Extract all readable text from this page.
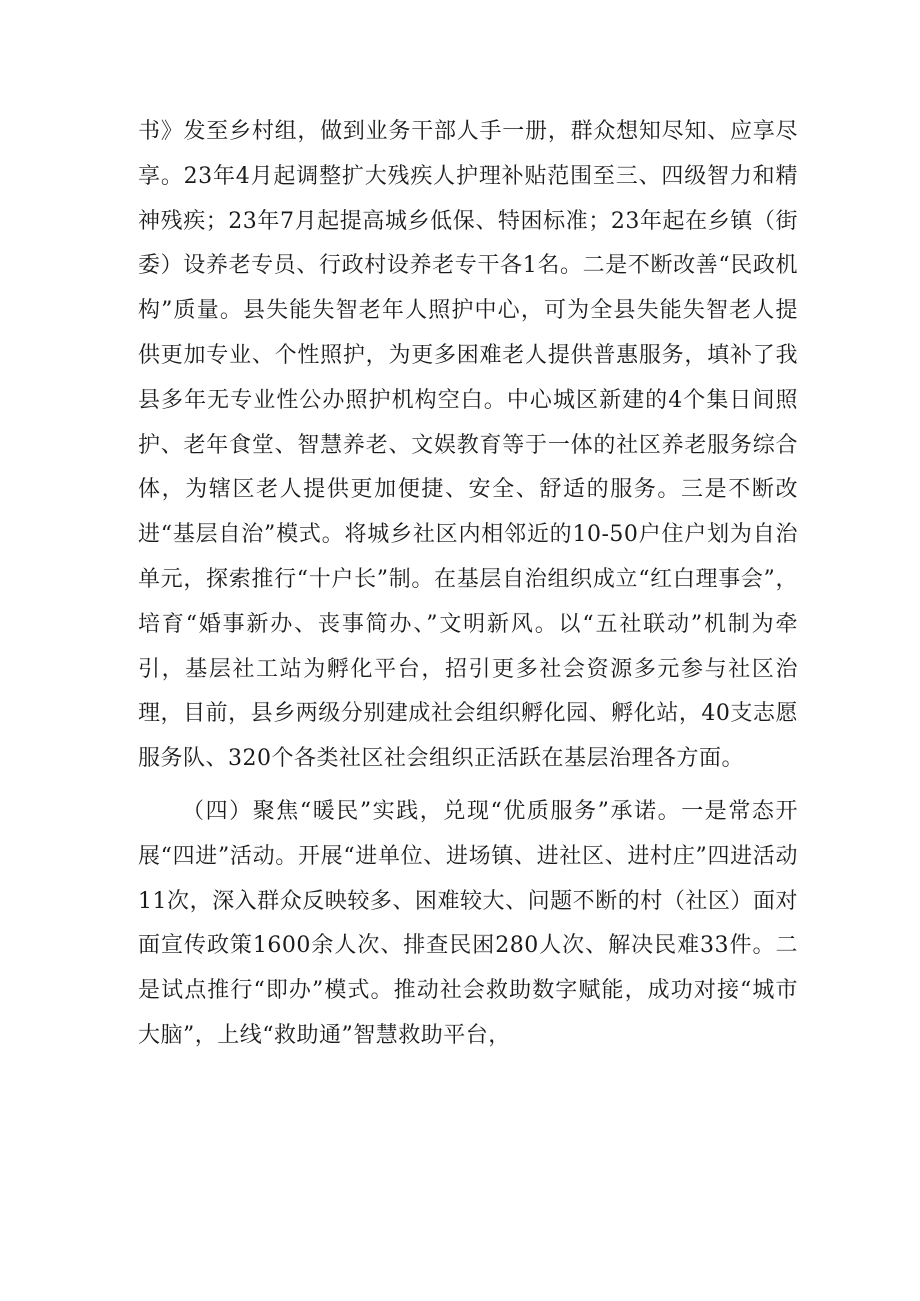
书》发至乡村组，做到业务干部人手一册，群众想知尽知、应享尽享。23年4月起调整扩大残疾人护理补贴范围至三、四级智力和精神残疾；23年7月起提高城乡低保、特困标准；23年起在乡镇（街委）设养老专员、行政村设养老专干各1名。二是不断改善“民政机构”质量。县失能失智老年人照护中心，可为全县失能失智老人提供更加专业、个性照护，为更多困难老人提供普惠服务，填补了我县多年无专业性公办照护机构空白。中心城区新建的4个集日间照护、老年食堂、智慧养老、文娱教育等于一体的社区养老服务综合体，为辖区老人提供更加便捷、安全、舒适的服务。三是不断改进“基层自治”模式。将城乡社区内相邻近的10-50户住户划为自治单元，探索推行“十户长”制。在基层自治组织成立“红白理事会”，培育“婚事新办、丧事简办、”文明新风。以“五社联动”机制为牵引，基层社工站为孵化平台，招引更多社会资源多元参与社区治理，目前，县乡两级分别建成社会组织孵化园、孵化站，40支志愿服务队、320个各类社区社会组织正活跃在基层治理各方面。

（四）聚焦“暖民”实践，兑现“优质服务”承诺。一是常态开展“四进”活动。开展“进单位、进场镇、进社区、进村庄”四进活动11次，深入群众反映较多、困难较大、问题不断的村（社区）面对面宣传政策1600余人次、排查民困280人次、解决民难33件。二是试点推行“即办”模式。推动社会救助数字赋能，成功对接“城市大脑”，上线“救助通”智慧救助平台，
